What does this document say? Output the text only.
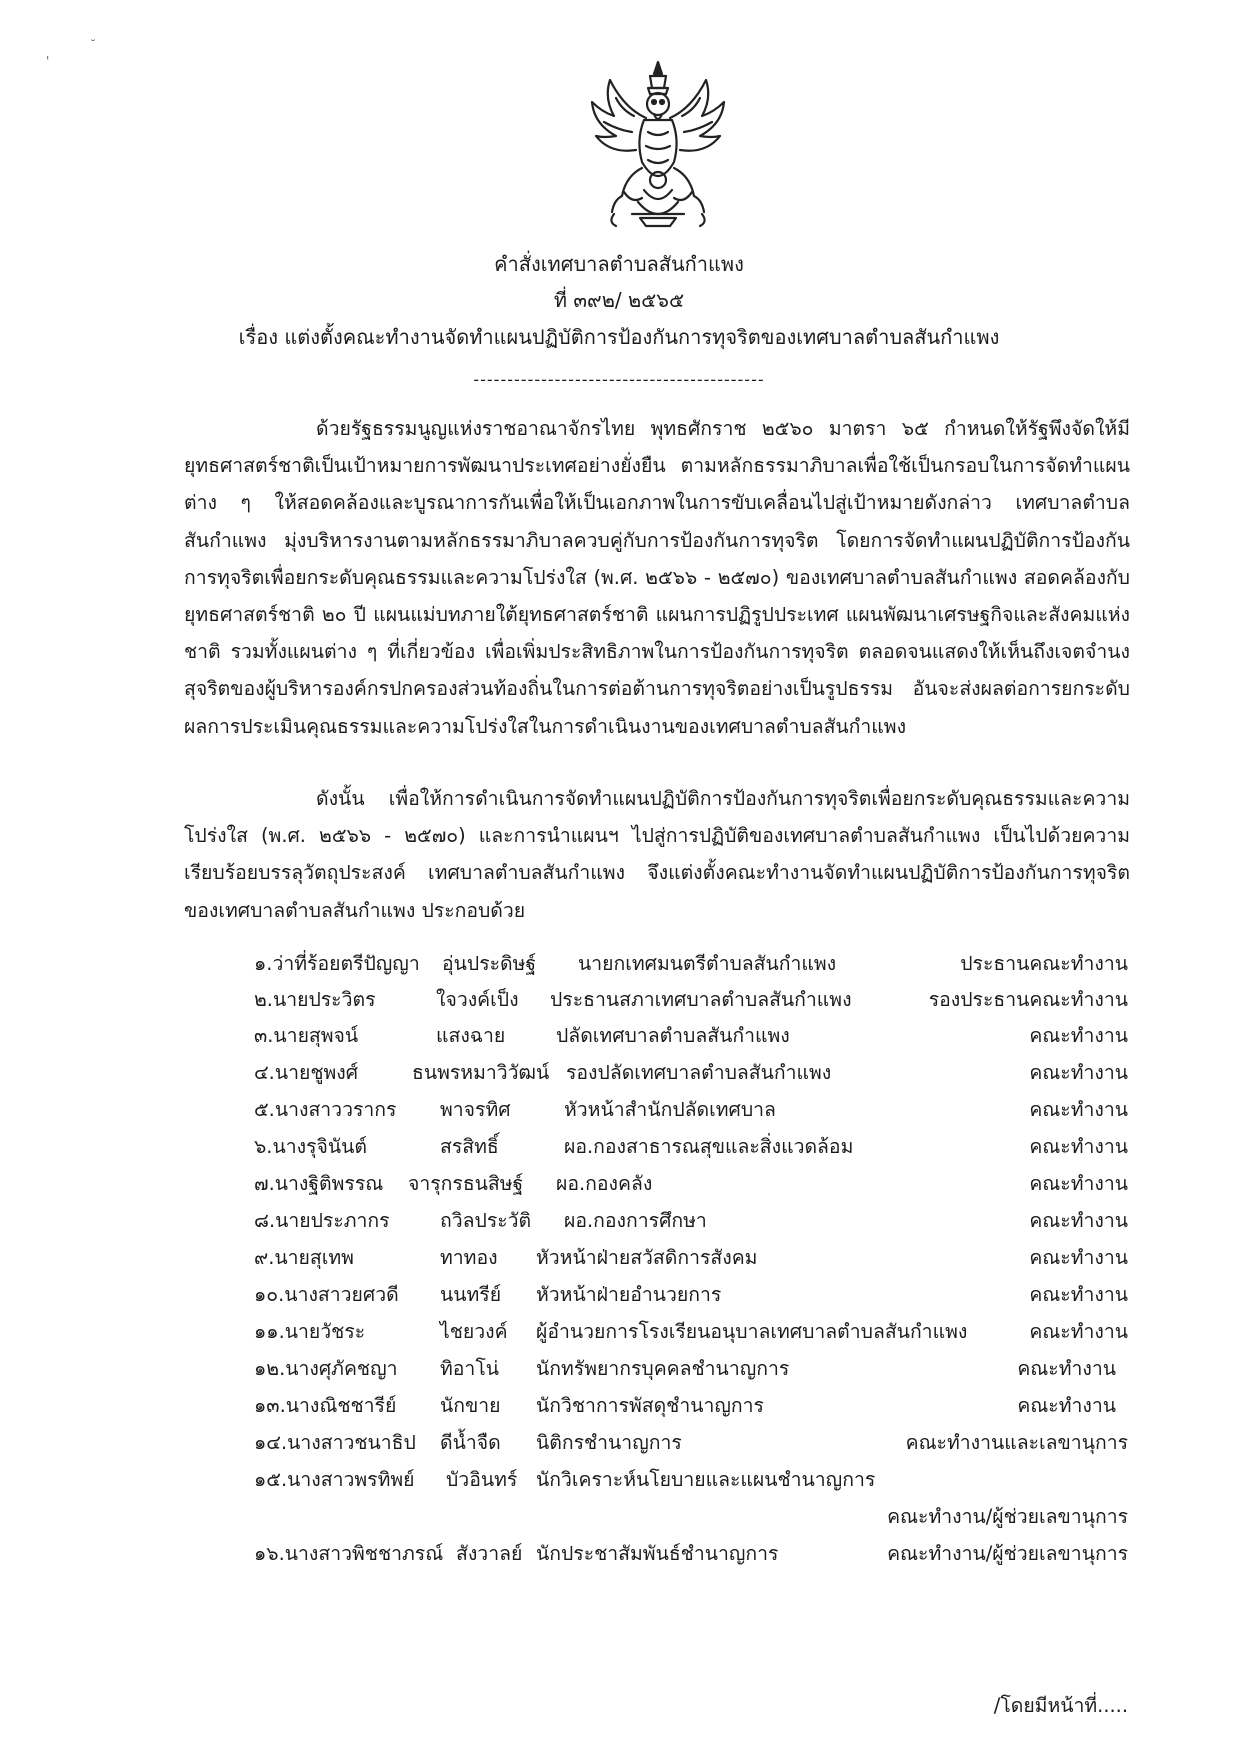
'
˘
คำสั่งเทศบาลตำบลสันกำแพง
ที่ ๓๙๒/ ๒๕๖๕
เรื่อง แต่งตั้งคณะทำงานจัดทำแผนปฏิบัติการป้องกันการทุจริตของเทศบาลตำบลสันกำแพง
-------------------------------------------

ด้วยรัฐธรรมนูญแห่งราชอาณาจักรไทย พุทธศักราช ๒๕๖๐ มาตรา ๖๕ กำหนดให้รัฐพึงจัดให้มียุทธศาสตร์ชาติเป็นเป้าหมายการพัฒนาประเทศอย่างยั่งยืน ตามหลักธรรมาภิบาลเพื่อใช้เป็นกรอบในการจัดทำแผนต่าง ๆ ให้สอดคล้องและบูรณาการกันเพื่อให้เป็นเอกภาพในการขับเคลื่อนไปสู่เป้าหมายดังกล่าว เทศบาลตำบลสันกำแพง มุ่งบริหารงานตามหลักธรรมาภิบาลควบคู่กับการป้องกันการทุจริต โดยการจัดทำแผนปฏิบัติการป้องกันการทุจริตเพื่อยกระดับคุณธรรมและความโปร่งใส (พ.ศ. ๒๕๖๖ - ๒๕๗๐) ของเทศบาลตำบลสันกำแพง สอดคล้องกับยุทธศาสตร์ชาติ ๒๐ ปี แผนแม่บทภายใต้ยุทธศาสตร์ชาติ แผนการปฏิรูปประเทศ แผนพัฒนาเศรษฐกิจและสังคมแห่งชาติ รวมทั้งแผนต่าง ๆ ที่เกี่ยวข้อง เพื่อเพิ่มประสิทธิภาพในการป้องกันการทุจริต ตลอดจนแสดงให้เห็นถึงเจตจำนงสุจริตของผู้บริหารองค์กรปกครองส่วนท้องถิ่นในการต่อต้านการทุจริตอย่างเป็นรูปธรรม อันจะส่งผลต่อการยกระดับผลการประเมินคุณธรรมและความโปร่งใสในการดำเนินงานของเทศบาลตำบลสันกำแพง

ดังนั้น เพื่อให้การดำเนินการจัดทำแผนปฏิบัติการป้องกันการทุจริตเพื่อยกระดับคุณธรรมและความโปร่งใส (พ.ศ. ๒๕๖๖ - ๒๕๗๐) และการนำแผนฯ ไปสู่การปฏิบัติของเทศบาลตำบลสันกำแพง เป็นไปด้วยความเรียบร้อยบรรลุวัตถุประสงค์ เทศบาลตำบลสันกำแพง จึงแต่งตั้งคณะทำงานจัดทำแผนปฏิบัติการป้องกันการทุจริตของเทศบาลตำบลสันกำแพง ประกอบด้วย

๑.ว่าที่ร้อยตรีปัญญา อุ่นประดิษฐ์ นายกเทศมนตรีตำบลสันกำแพง	ประธานคณะทำงาน
๒.นายประวิตร	ใจวงค์เป็ง ประธานสภาเทศบาลตำบลสันกำแพง	รองประธานคณะทำงาน
๓.นายสุพจน์	แสงฉาย	ปลัดเทศบาลตำบลสันกำแพง	คณะทำงาน
๔.นายชูพงศ์	ธนพรหมาวิวัฒน์ รองปลัดเทศบาลตำบลสันกำแพง	คณะทำงาน
๕.นางสาววรากร พาจรทิศ	หัวหน้าสำนักปลัดเทศบาล	คณะทำงาน
๖.นางรุจินันต์	สรสิทธิ์	ผอ.กองสาธารณสุขและสิ่งแวดล้อม	คณะทำงาน
๗.นางฐิติพรรณ จารุกรธนสิษฐ์ ผอ.กองคลัง	คณะทำงาน
๘.นายประภากร	ถวิลประวัติ ผอ.กองการศึกษา	คณะทำงาน
๙.นายสุเทพ	ทาทอง หัวหน้าฝ่ายสวัสดิการสังคม	คณะทำงาน
๑๐.นางสาวยศวดี นนทรีย์ หัวหน้าฝ่ายอำนวยการ	คณะทำงาน
๑๑.นายวัชระ	ไชยวงค์ ผู้อำนวยการโรงเรียนอนุบาลเทศบาลตำบลสันกำแพง	คณะทำงาน
๑๒.นางศุภัคชญา ทิอาโน่ นักทรัพยากรบุคคลชำนาญการ	คณะทำงาน
๑๓.นางณิชชารีย์ นักขาย นักวิชาการพัสดุชำนาญการ	คณะทำงาน
๑๔.นางสาวชนาธิป ดีน้ำจืด นิติกรชำนาญการ	คณะทำงานและเลขานุการ
๑๕.นางสาวพรทิพย์ บัวอินทร์ นักวิเคราะห์นโยบายและแผนชำนาญการ
คณะทำงาน/ผู้ช่วยเลขานุการ
๑๖.นางสาวพิชชาภรณ์ สังวาลย์ นักประชาสัมพันธ์ชำนาญการ	คณะทำงาน/ผู้ช่วยเลขานุการ
/โดยมีหน้าที่.....
